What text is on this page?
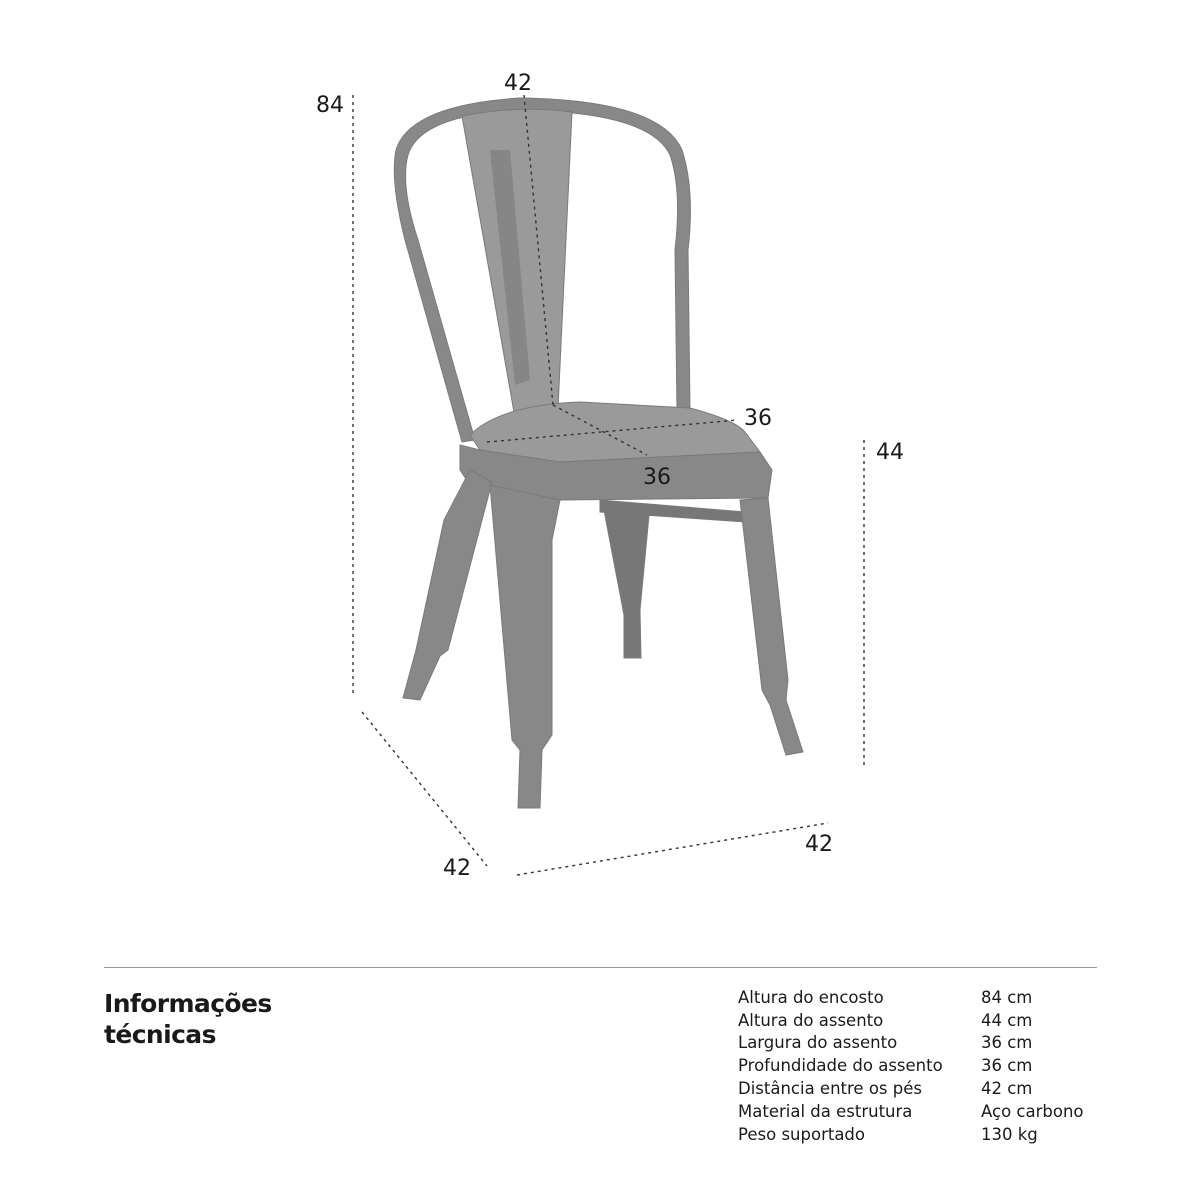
84
42
36
36
44
42
42
Informações
técnicas
Altura do encosto	84 cm
Altura do assento	44 cm
Largura do assento	36 cm
Profundidade do assento	36 cm
Distância entre os pés	42 cm
Material da estrutura	Aço carbono
Peso suportado	130 kg
